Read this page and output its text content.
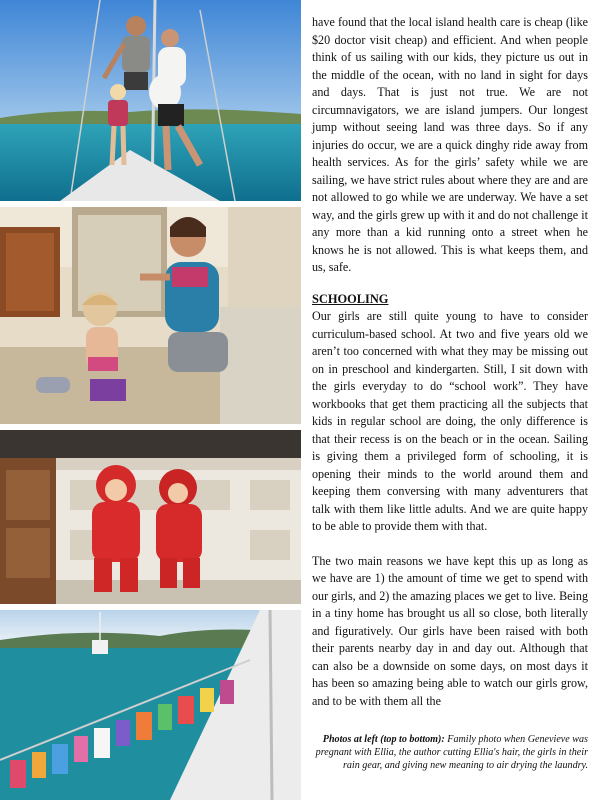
have found that the local island health care is cheap (like $20 doctor visit cheap) and efficient. And when people think of us sailing with our kids, they picture us out in the middle of the ocean, with no land in sight for days and days. That is just not true. We are not circumnavigators, we are island jumpers. Our longest jump without seeing land was three days. So if any injuries do occur, we are a quick dinghy ride away from health services. As for the girls’ safety while we are sailing, we have strict rules about where they are and are not allowed to go while we are underway. We have a set way, and the girls grew up with it and do not challenge it any more than a kid running onto a street when he knows he is not allowed. This is what keeps them, and us, safe.

SCHOOLING

Our girls are still quite young to have to consider curriculum-based school. At two and five years old we aren’t too concerned with what they may be missing out on in preschool and kindergarten. Still, I sit down with the girls everyday to do “school work”. They have workbooks that get them practicing all the subjects that kids in regular school are doing, the only difference is that their recess is on the beach or in the ocean. Sailing is giving them a privileged form of schooling, it is opening their minds to the world around them and keeping them conversing with many adventurers that talk with them like little adults. And we are quite happy to be able to provide them with that.

The two main reasons we have kept this up as long as we have are 1) the amount of time we get to spend with our girls, and 2) the amazing places we get to live. Being in a tiny home has brought us all so close, both literally and figuratively. Our girls have been raised with both their parents nearby day in and day out. Although that can also be a downside on some days, on most days it has been so amazing being able to watch our girls grow, and to be with them all the

Photos at left (top to bottom): Family photo when Genevieve was pregnant with Ellia, the author cutting Ellia's hair, the girls in their rain gear, and giving new meaning to air drying the laundry.
